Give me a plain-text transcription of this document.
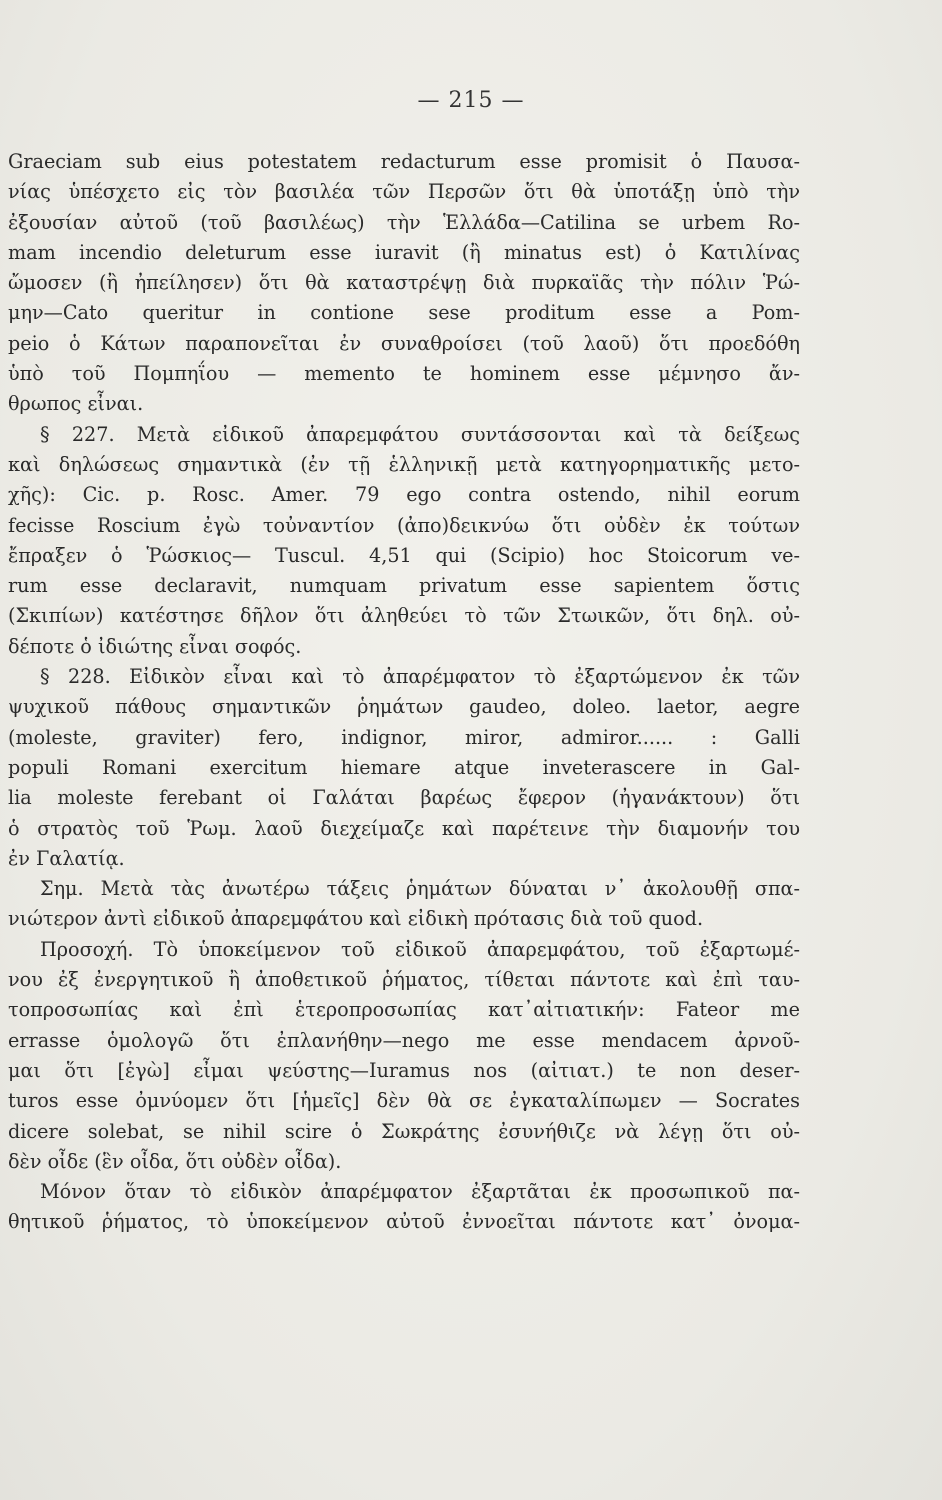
— 215 —
Graeciam sub eius potestatem redacturum esse promisit ὁ Παυσα-
νίας ὑπέσχετο εἰς τὸν βασιλέα τῶν Περσῶν ὅτι θὰ ὑποτάξῃ ὑπὸ τὴν
ἐξουσίαν αὐτοῦ (τοῦ βασιλέως) τὴν Ἑλλάδα—Catilina se urbem Ro-
mam incendio deleturum esse iuravit (ἢ minatus est) ὁ Κατιλίνας
ὤμοσεν (ἢ ἠπείλησεν) ὅτι θὰ καταστρέψῃ διὰ πυρκαϊᾶς τὴν πόλιν Ῥώ-
μην—Cato queritur in contione sese proditum esse a Pom-
peio ὁ Κάτων παραπονεῖται ἐν συναθροίσει (τοῦ λαοῦ) ὅτι προεδόθη
ὑπὸ τοῦ Πομπηΐου — memento te hominem esse μέμνησο ἄν-
θρωπος εἶναι.
§ 227. Μετὰ εἰδικοῦ ἀπαρεμφάτου συντάσσονται καὶ τὰ δείξεως
καὶ δηλώσεως σημαντικὰ (ἐν τῇ ἑλληνικῇ μετὰ κατηγορηματικῆς μετο-
χῆς): Cic. p. Rosc. Amer. 79 ego contra ostendo, nihil eorum
fecisse Roscium ἐγὼ τοὐναντίον (ἀπο)δεικνύω ὅτι οὐδὲν ἐκ τούτων
ἔπραξεν ὁ Ῥώσκιος— Tuscul. 4,51 qui (Scipio) hoc Stoicorum ve-
rum esse declaravit, numquam privatum esse sapientem ὅστις
(Σκιπίων) κατέστησε δῆλον ὅτι ἀληθεύει τὸ τῶν Στωικῶν, ὅτι δηλ. οὐ-
δέποτε ὁ ἰδιώτης εἶναι σοφός.
§ 228. Εἰδικὸν εἶναι καὶ τὸ ἀπαρέμφατον τὸ ἐξαρτώμενον ἐκ τῶν
ψυχικοῦ πάθους σημαντικῶν ῥημάτων gaudeo, doleo. laetor, aegre
(moleste, graviter) fero, indignor, miror, admiror...... : Galli
populi Romani exercitum hiemare atque inveterascere in Gal-
lia moleste ferebant οἱ Γαλάται βαρέως ἔφερον (ἠγανάκτουν) ὅτι
ὁ στρατὸς τοῦ Ῥωμ. λαοῦ διεχείμαζε καὶ παρέτεινε τὴν διαμονήν του
ἐν Γαλατίᾳ.
Σημ. Μετὰ τὰς ἀνωτέρω τάξεις ῥημάτων δύναται ν᾽ ἀκολουθῇ σπα-
νιώτερον ἀντὶ εἰδικοῦ ἀπαρεμφάτου καὶ εἰδικὴ πρότασις διὰ τοῦ quod.
Προσοχή. Τὸ ὑποκείμενον τοῦ εἰδικοῦ ἀπαρεμφάτου, τοῦ ἐξαρτωμέ-
νου ἐξ ἐνεργητικοῦ ἢ ἀποθετικοῦ ῥήματος, τίθεται πάντοτε καὶ ἐπὶ ταυ-
τοπροσωπίας καὶ ἐπὶ ἑτεροπροσωπίας κατ᾽αἰτιατικήν: Fateor me
errasse ὁμολογῶ ὅτι ἐπλανήθην—nego me esse mendacem ἀρνοῦ-
μαι ὅτι [ἐγὼ] εἶμαι ψεύστης—Iuramus nos (αἰτιατ.) te non deser-
turos esse ὀμνύομεν ὅτι [ἡμεῖς] δὲν θὰ σε ἐγκαταλίπωμεν — Socrates
dicere solebat, se nihil scire ὁ Σωκράτης ἐσυνήθιζε νὰ λέγῃ ὅτι οὐ-
δὲν οἶδε (ἓν οἶδα, ὅτι οὐδὲν οἶδα).
Μόνον ὅταν τὸ εἰδικὸν ἀπαρέμφατον ἐξαρτᾶται ἐκ προσωπικοῦ πα-
θητικοῦ ῥήματος, τὸ ὑποκείμενον αὐτοῦ ἐννοεῖται πάντοτε κατ᾽ ὀνομα-
